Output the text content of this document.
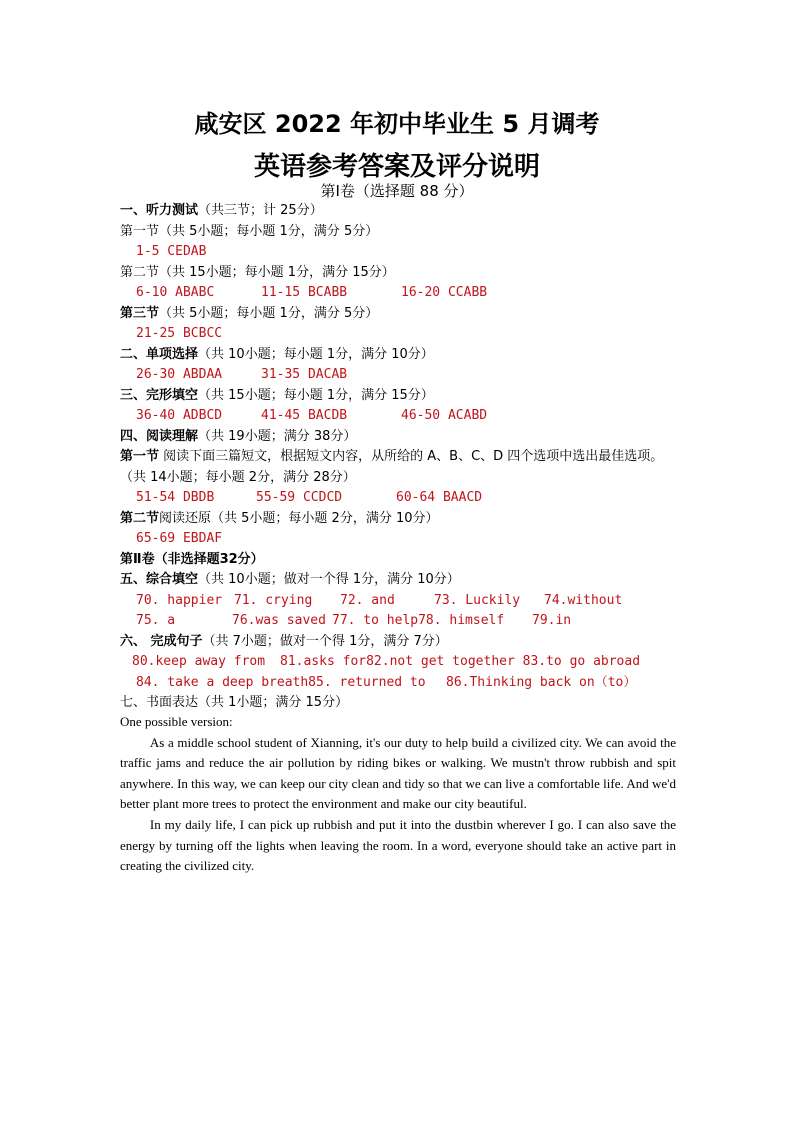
咸安区 2022 年初中毕业生 5 月调考
英语参考答案及评分说明
第Ⅰ卷（选择题 88 分）
一、听力测试（共三节；计 25分）
第一节（共 5小题；每小题 1分，满分 5分）
1-5 CEDAB
第二节（共 15小题；每小题 1分，满分 15分）
6-10 ABABC	11-15 BCABB	16-20 CCABB
第三节（共 5小题；每小题 1分，满分 5分）
21-25 BCBCC
二、单项选择（共 10小题；每小题 1分，满分 10分）
26-30 ABDAA	31-35 DACAB
三、完形填空（共 15小题；每小题 1分，满分 15分）
36-40 ADBCD	41-45 BACDB	46-50 ACABD
四、阅读理解（共 19小题；满分 38分）
第一节 阅读下面三篇短文，根据短文内容，从所给的 A、B、C、D 四个选项中选出最佳选项。（共 14小题；每小题 2分，满分 28分）
51-54 DBDB	55-59 CCDCD	60-64 BAACD
第二节阅读还原（共 5小题；每小题 2分，满分 10分）
65-69 EBDAF
第Ⅱ卷（非选择题32分）
五、综合填空（共 10小题；做对一个得 1分，满分 10分）
70. happier 71. crying 72. and	73. Luckily 74.without
75. a	76.was saved 77. to help78. himself 79.in
六、 完成句子（共 7小题；做对一个得 1分，满分 7分）
80.keep away from 81.asks for82.not get together 83.to go abroad
84. take a deep breath85. returned to 86.Thinking back on（to）
七、书面表达（共 1小题；满分 15分）

One possible version:

As a middle school student of Xianning, it's our duty to help build a civilized city. We can avoid the traffic jams and reduce the air pollution by riding bikes or walking. We mustn't throw rubbish and spit anywhere. In this way, we can keep our city clean and tidy so that we can live a comfortable life. And we'd better plant more trees to protect the environment and make our city beautiful.

In my daily life, I can pick up rubbish and put it into the dustbin wherever I go. I can also save the energy by turning off the lights when leaving the room. In a word, everyone should take an active part in creating the civilized city.
